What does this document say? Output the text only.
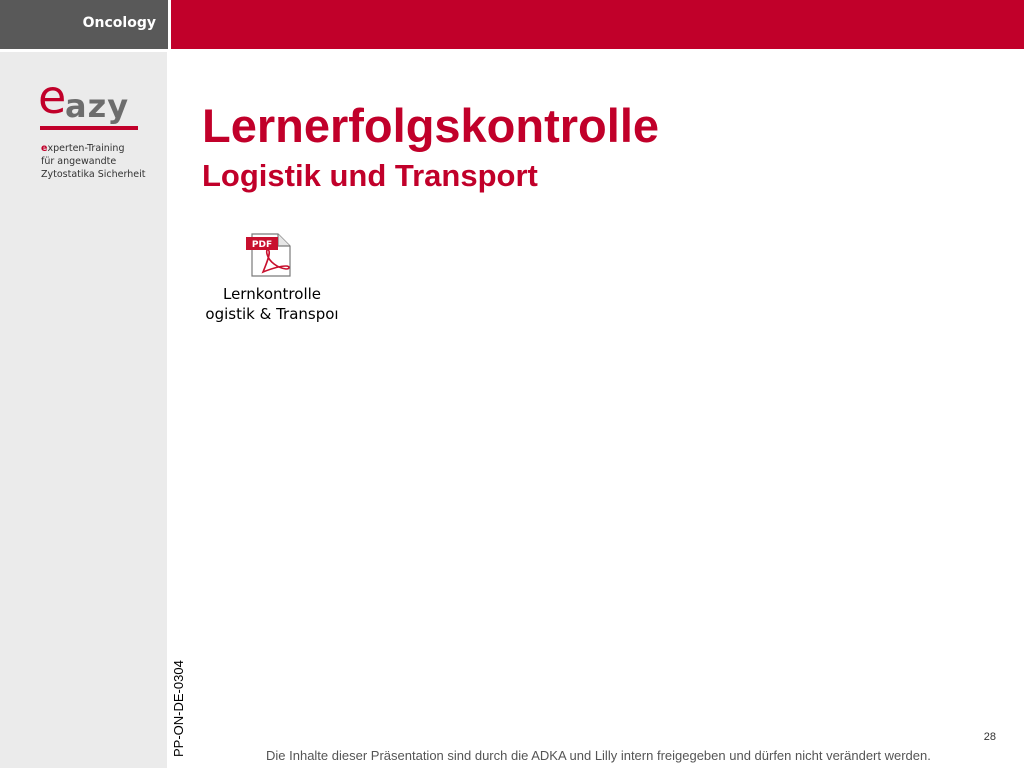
Oncology
e
azy
experten-Training
für angewandte
Zytostatika Sicherheit
Lernerfolgskontrolle
Logistik und Transport
PDF
Lernkontrolle
ogistik & Transpoı

PP-ON-DE-0304	28
Die Inhalte dieser Präsentation sind durch die ADKA und Lilly intern freigegeben und dürfen nicht verändert werden.
